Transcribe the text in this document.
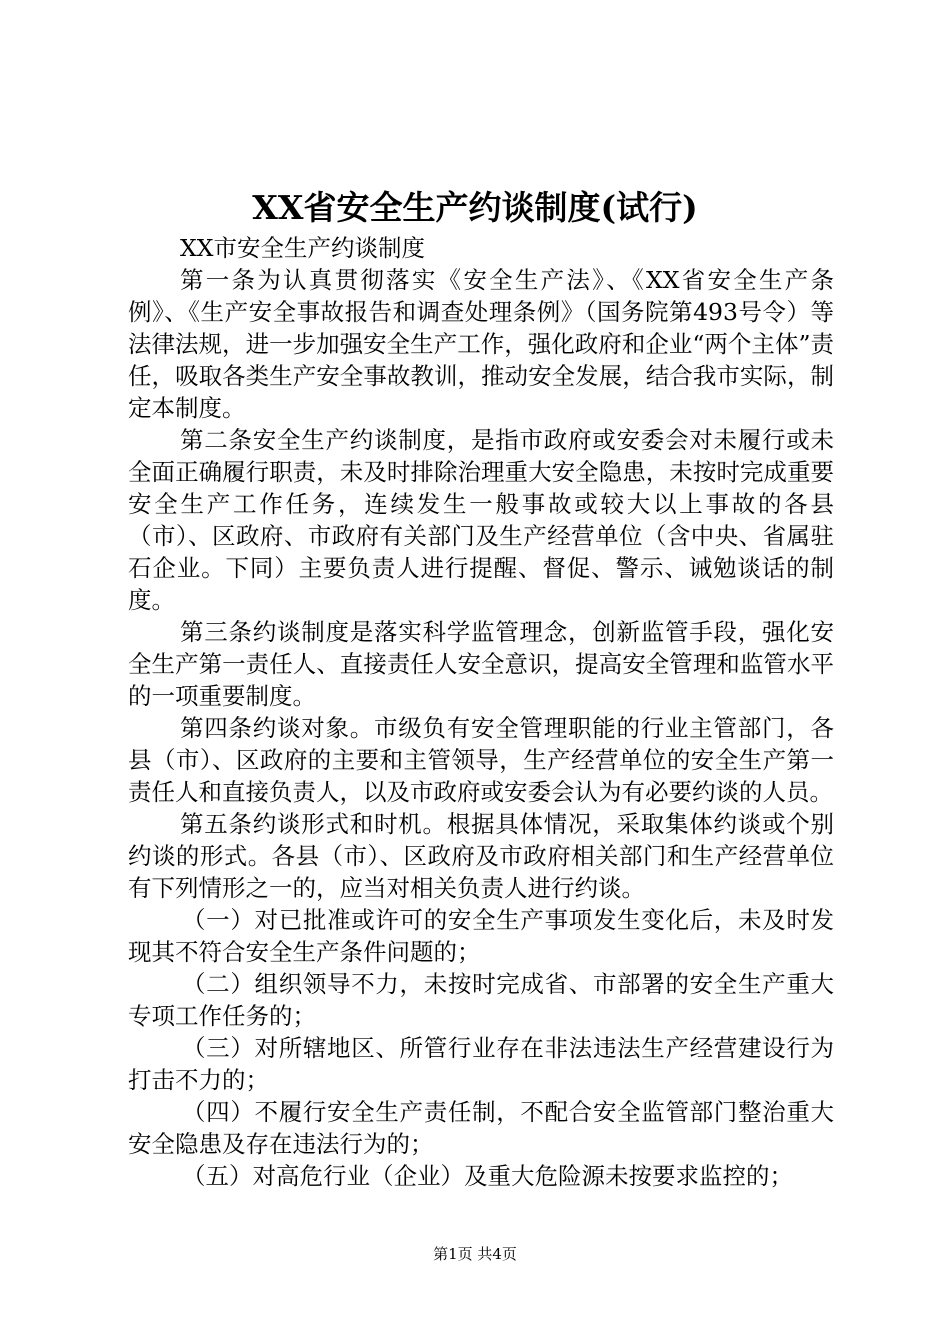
XX省安全生产约谈制度(试行)

XX市安全生产约谈制度

第一条为认真贯彻落实《安全生产法》、《XX省安全生产条例》、《生产安全事故报告和调查处理条例》（国务院第493号令）等法律法规，进一步加强安全生产工作，强化政府和企业“两个主体”责任，吸取各类生产安全事故教训，推动安全发展，结合我市实际，制定本制度。

第二条安全生产约谈制度，是指市政府或安委会对未履行或未全面正确履行职责，未及时排除治理重大安全隐患，未按时完成重要安全生产工作任务，连续发生一般事故或较大以上事故的各县（市）、区政府、市政府有关部门及生产经营单位（含中央、省属驻石企业。下同）主要负责人进行提醒、督促、警示、诫勉谈话的制度。

第三条约谈制度是落实科学监管理念，创新监管手段，强化安全生产第一责任人、直接责任人安全意识，提高安全管理和监管水平的一项重要制度。

第四条约谈对象。市级负有安全管理职能的行业主管部门，各县（市）、区政府的主要和主管领导，生产经营单位的安全生产第一责任人和直接负责人，以及市政府或安委会认为有必要约谈的人员。

第五条约谈形式和时机。根据具体情况，采取集体约谈或个别约谈的形式。各县（市）、区政府及市政府相关部门和生产经营单位有下列情形之一的，应当对相关负责人进行约谈。

（一）对已批准或许可的安全生产事项发生变化后，未及时发现其不符合安全生产条件问题的；

（二）组织领导不力，未按时完成省、市部署的安全生产重大专项工作任务的；

（三）对所辖地区、所管行业存在非法违法生产经营建设行为打击不力的；

（四）不履行安全生产责任制，不配合安全监管部门整治重大安全隐患及存在违法行为的；

（五）对高危行业（企业）及重大危险源未按要求监控的；

第1页 共4页
